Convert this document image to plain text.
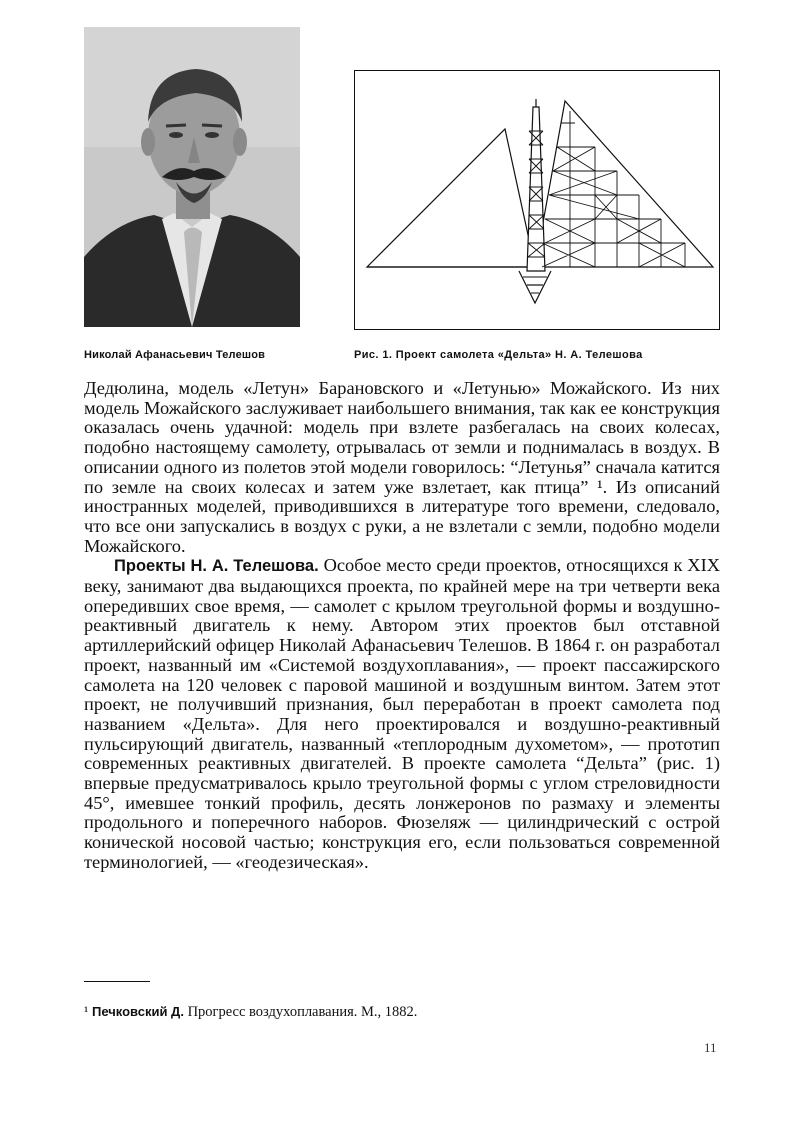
Николай Афанасьевич Телешов	Рис. 1. Проект самолета «Дельта» Н. А. Телешова

Дедюлина, модель «Летун» Барановского и «Летунью» Можайского. Из них модель Можайского заслуживает наибольшего внимания, так как ее конструкция оказалась очень удачной: модель при взлете разбегалась на своих колесах, подобно настоящему самолету, отрывалась от земли и поднималась в воздух. В описании одного из полетов этой модели говорилось: “Летунья” сначала катится по земле на своих колесах и затем уже взлетает, как птица” ¹. Из описаний иностранных моделей, приводившихся в литературе того времени, следовало, что все они запускались в воздух с руки, а не взлетали с земли, подобно модели Можайского.

Проекты Н. А. Телешова. Особое место среди проектов, относящихся к XIX веку, занимают два выдающихся проекта, по крайней мере на три четверти века опередивших свое время, — самолет с крылом треугольной формы и воздушно-реактивный двигатель к нему. Автором этих проектов был отставной артиллерийский офицер Николай Афанасьевич Телешов. В 1864 г. он разработал проект, названный им «Системой воздухоплавания», — проект пассажирского самолета на 120 человек с паровой машиной и воздушным винтом. Затем этот проект, не получивший признания, был переработан в проект самолета под названием «Дельта». Для него проектировался и воздушно-реактивный пульсирующий двигатель, названный «теплородным духометом», — прототип современных реактивных двигателей. В проекте самолета “Дельта” (рис. 1) впервые предусматривалось крыло треугольной формы с углом стреловидности 45°, имевшее тонкий профиль, десять лонжеронов по размаху и элементы продольного и поперечного наборов. Фюзеляж — цилиндрический с острой конической носовой частью; конструкция его, если пользоваться современной терминологией, — «геодезическая».

¹ Печковский Д. Прогресс воздухоплавания. М., 1882.
11
